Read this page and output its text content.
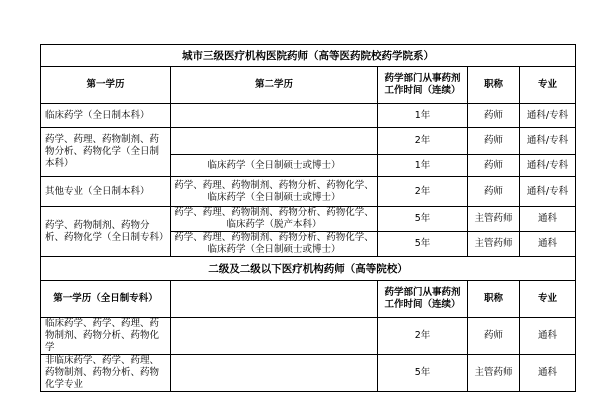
城市三级医疗机构医院药师（高等医药院校药学院系）				
第一学历	第二学历	药学部门从事药剂工作时间（连续）	职称	专业
临床药学（全日制本科）		1年	药师	通科/专科
药学、药理、药物制剂、药物分析、药物化学（全日制本科）		2年	药师	通科/专科
	临床药学（全日制硕士或博士）	1年	药师	通科/专科
其他专业（全日制本科）	药学、药理、药物制剂、药物分析、药物化学、临床药学（全日制硕士或博士）	2年	药师	通科/专科
药学、药物制剂、药物分析、药物化学（全日制专科）	药学、药理、药物制剂、药物分析、药物化学、临床药学（脱产本科）	5年	主管药师	通科
	药学、药理、药物制剂、药物分析、药物化学、临床药学（全日制硕士或博士）	5年	主管药师	通科
二级及二级以下医疗机构药师（高等院校）				
第一学历（全日制专科）		药学部门从事药剂工作时间（连续）	职称	专业
临床药学、药学、药理、药物制剂、药物分析、药物化学		2年	药师	通科
非临床药学、药学、药理、药物制剂、药物分析、药物化学专业		5年	主管药师	通科
